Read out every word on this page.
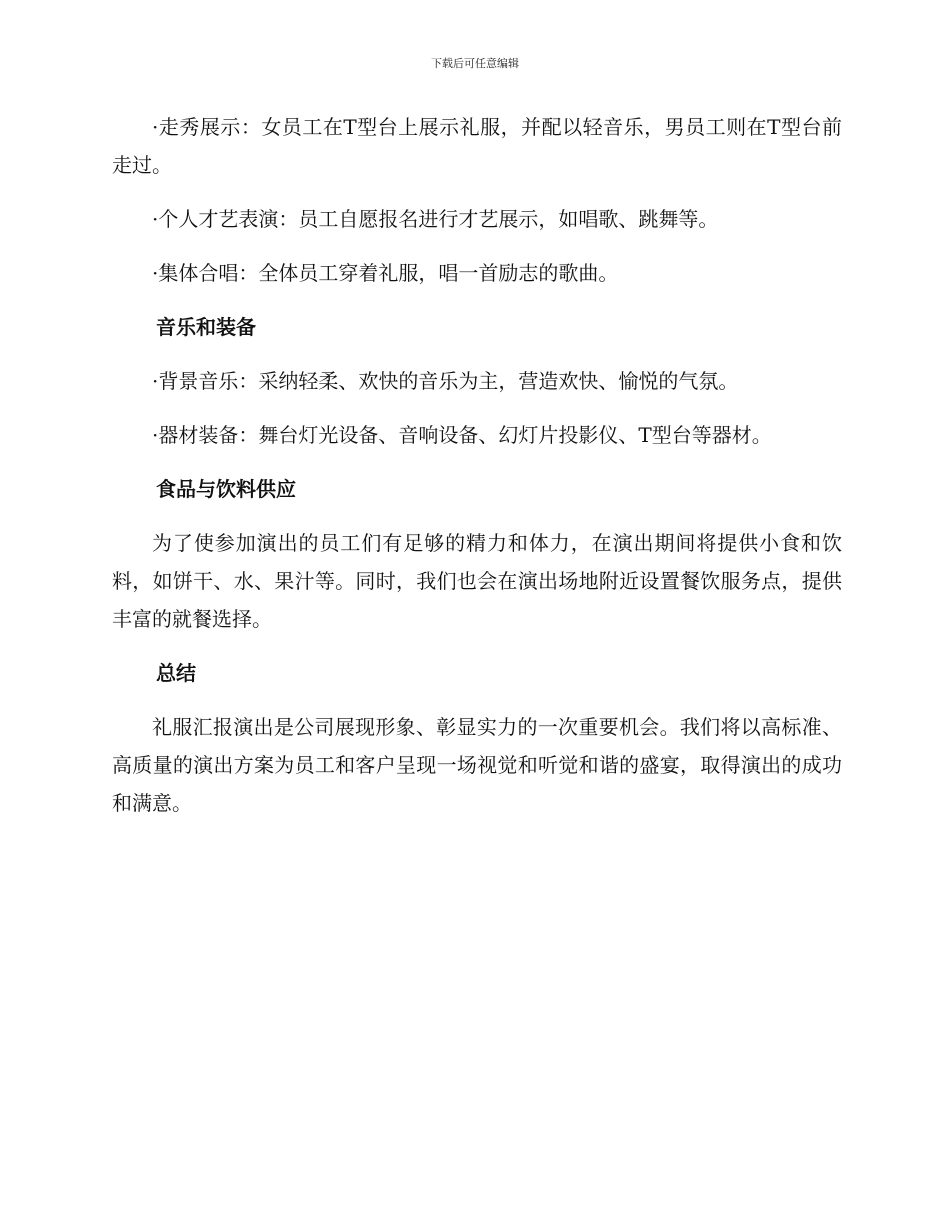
下载后可任意编辑

·走秀展示：女员工在T型台上展示礼服，并配以轻音乐，男员工则在T型台前走过。

·个人才艺表演：员工自愿报名进行才艺展示，如唱歌、跳舞等。

·集体合唱：全体员工穿着礼服，唱一首励志的歌曲。

音乐和装备

·背景音乐：采纳轻柔、欢快的音乐为主，营造欢快、愉悦的气氛。

·器材装备：舞台灯光设备、音响设备、幻灯片投影仪、T型台等器材。

食品与饮料供应

为了使参加演出的员工们有足够的精力和体力，在演出期间将提供小食和饮料，如饼干、水、果汁等。同时，我们也会在演出场地附近设置餐饮服务点，提供丰富的就餐选择。

总结

礼服汇报演出是公司展现形象、彰显实力的一次重要机会。我们将以高标准、高质量的演出方案为员工和客户呈现一场视觉和听觉和谐的盛宴，取得演出的成功和满意。
